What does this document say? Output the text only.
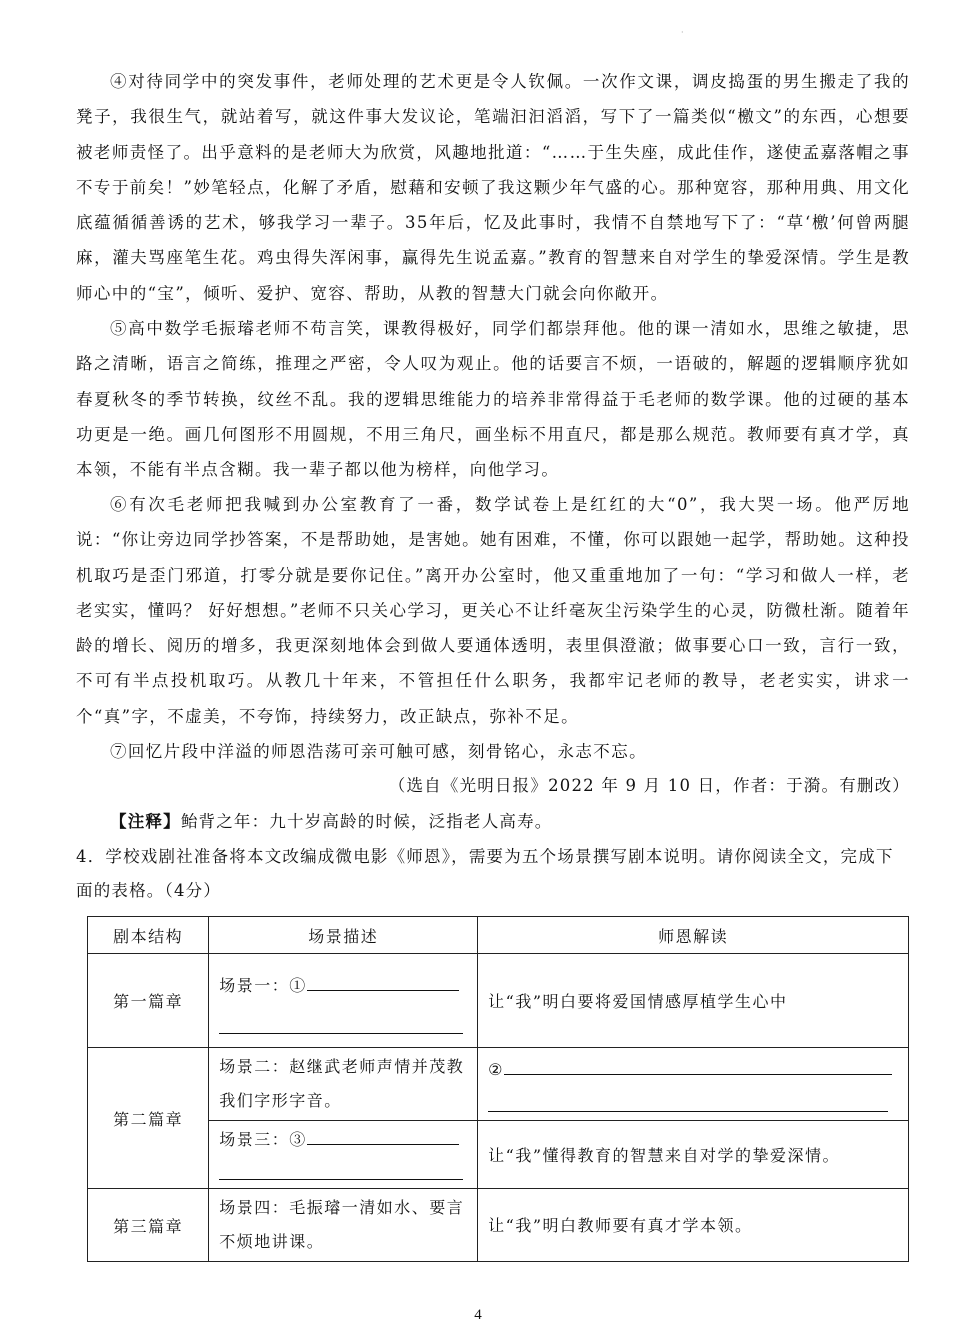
·

④对待同学中的突发事件，老师处理的艺术更是令人钦佩。一次作文课，调皮捣蛋的男生搬走了我的凳子，我很生气，就站着写，就这件事大发议论，笔端汩汩滔滔，写下了一篇类似“檄文”的东西，心想要被老师责怪了。出乎意料的是老师大为欣赏，风趣地批道：“……于生失座，成此佳作，遂使孟嘉落帽之事不专于前矣！”妙笔轻点，化解了矛盾，慰藉和安顿了我这颗少年气盛的心。那种宽容，那种用典、用文化底蕴循循善诱的艺术，够我学习一辈子。35年后，忆及此事时，我情不自禁地写下了：“草‘檄’何曾两腿麻，灌夫骂座笔生花。鸡虫得失浑闲事，赢得先生说孟嘉。”教育的智慧来自对学生的挚爱深情。学生是教师心中的“宝”，倾听、爱护、宽容、帮助，从教的智慧大门就会向你敞开。

⑤高中数学毛振璿老师不苟言笑，课教得极好，同学们都崇拜他。他的课一清如水，思维之敏捷，思路之清晰，语言之简练，推理之严密，令人叹为观止。他的话要言不烦，一语破的，解题的逻辑顺序犹如春夏秋冬的季节转换，纹丝不乱。我的逻辑思维能力的培养非常得益于毛老师的数学课。他的过硬的基本功更是一绝。画几何图形不用圆规，不用三角尺，画坐标不用直尺，都是那么规范。教师要有真才学，真本领，不能有半点含糊。我一辈子都以他为榜样，向他学习。

⑥有次毛老师把我喊到办公室教育了一番，数学试卷上是红红的大“0”，我大哭一场。他严厉地说：“你让旁边同学抄答案，不是帮助她，是害她。她有困难，不懂，你可以跟她一起学，帮助她。这种投机取巧是歪门邪道，打零分就是要你记住。”离开办公室时，他又重重地加了一句：“学习和做人一样，老老实实，懂吗？ 好好想想。”老师不只关心学习，更关心不让纤毫灰尘污染学生的心灵，防微杜渐。随着年龄的增长、阅历的增多，我更深刻地体会到做人要通体透明，表里俱澄澈；做事要心口一致，言行一致，不可有半点投机取巧。从教几十年来，不管担任什么职务，我都牢记老师的教导，老老实实，讲求一个“真”字，不虚美，不夸饰，持续努力，改正缺点，弥补不足。

⑦回忆片段中洋溢的师恩浩荡可亲可触可感，刻骨铭心，永志不忘。

（选自《光明日报》2022 年 9 月 10 日，作者：于漪。有删改）
【注释】鲐背之年：九十岁高龄的时候，泛指老人高寿。

4．学校戏剧社准备将本文改编成微电影《师恩》，需要为五个场景撰写剧本说明。请你阅读全文，完成下面的表格。（4分）

剧本结构	场景描述	师恩解读
第一篇章	场景一：①	让“我”明白要将爱国情感厚植学生心中

第二篇章	场景二：赵继武老师声情并茂教我们字形字音。	②

	场景三：③	让“我”懂得教育的智慧来自对学的挚爱深情。

第三篇章	场景四：毛振璿一清如水、要言不烦地讲课。	让“我”明白教师要有真才学本领。
4
